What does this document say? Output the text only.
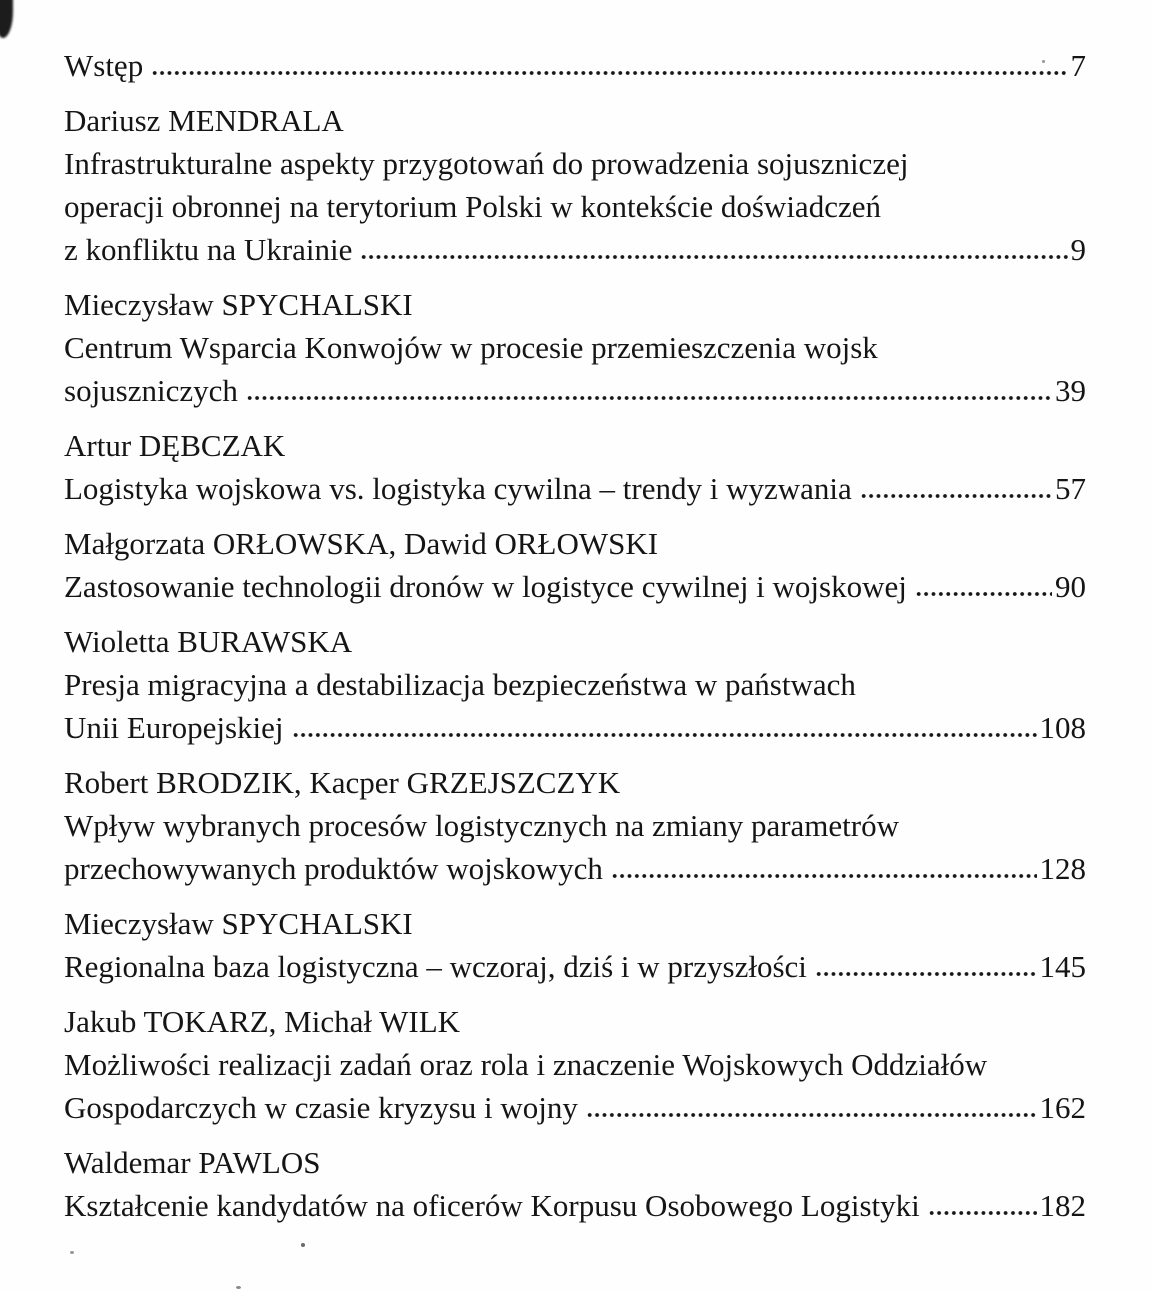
Wstęp	7
Dariusz MENDRALA
Infrastrukturalne aspekty przygotowań do prowadzenia sojuszniczej
operacji obronnej na terytorium Polski w kontekście doświadczeń
z konfliktu na Ukrainie	9
Mieczysław SPYCHALSKI
Centrum Wsparcia Konwojów w procesie przemieszczenia wojsk
sojuszniczych	39
Artur DĘBCZAK
Logistyka wojskowa vs. logistyka cywilna – trendy i wyzwania	57
Małgorzata ORŁOWSKA, Dawid ORŁOWSKI
Zastosowanie technologii dronów w logistyce cywilnej i wojskowej	90
Wioletta BURAWSKA
Presja migracyjna a destabilizacja bezpieczeństwa w państwach
Unii Europejskiej	108
Robert BRODZIK, Kacper GRZEJSZCZYK
Wpływ wybranych procesów logistycznych na zmiany parametrów
przechowywanych produktów wojskowych	128
Mieczysław SPYCHALSKI
Regionalna baza logistyczna – wczoraj, dziś i w przyszłości	145
Jakub TOKARZ, Michał WILK
Możliwości realizacji zadań oraz rola i znaczenie Wojskowych Oddziałów
Gospodarczych w czasie kryzysu i wojny	162
Waldemar PAWLOS
Kształcenie kandydatów na oficerów Korpusu Osobowego Logistyki	182
